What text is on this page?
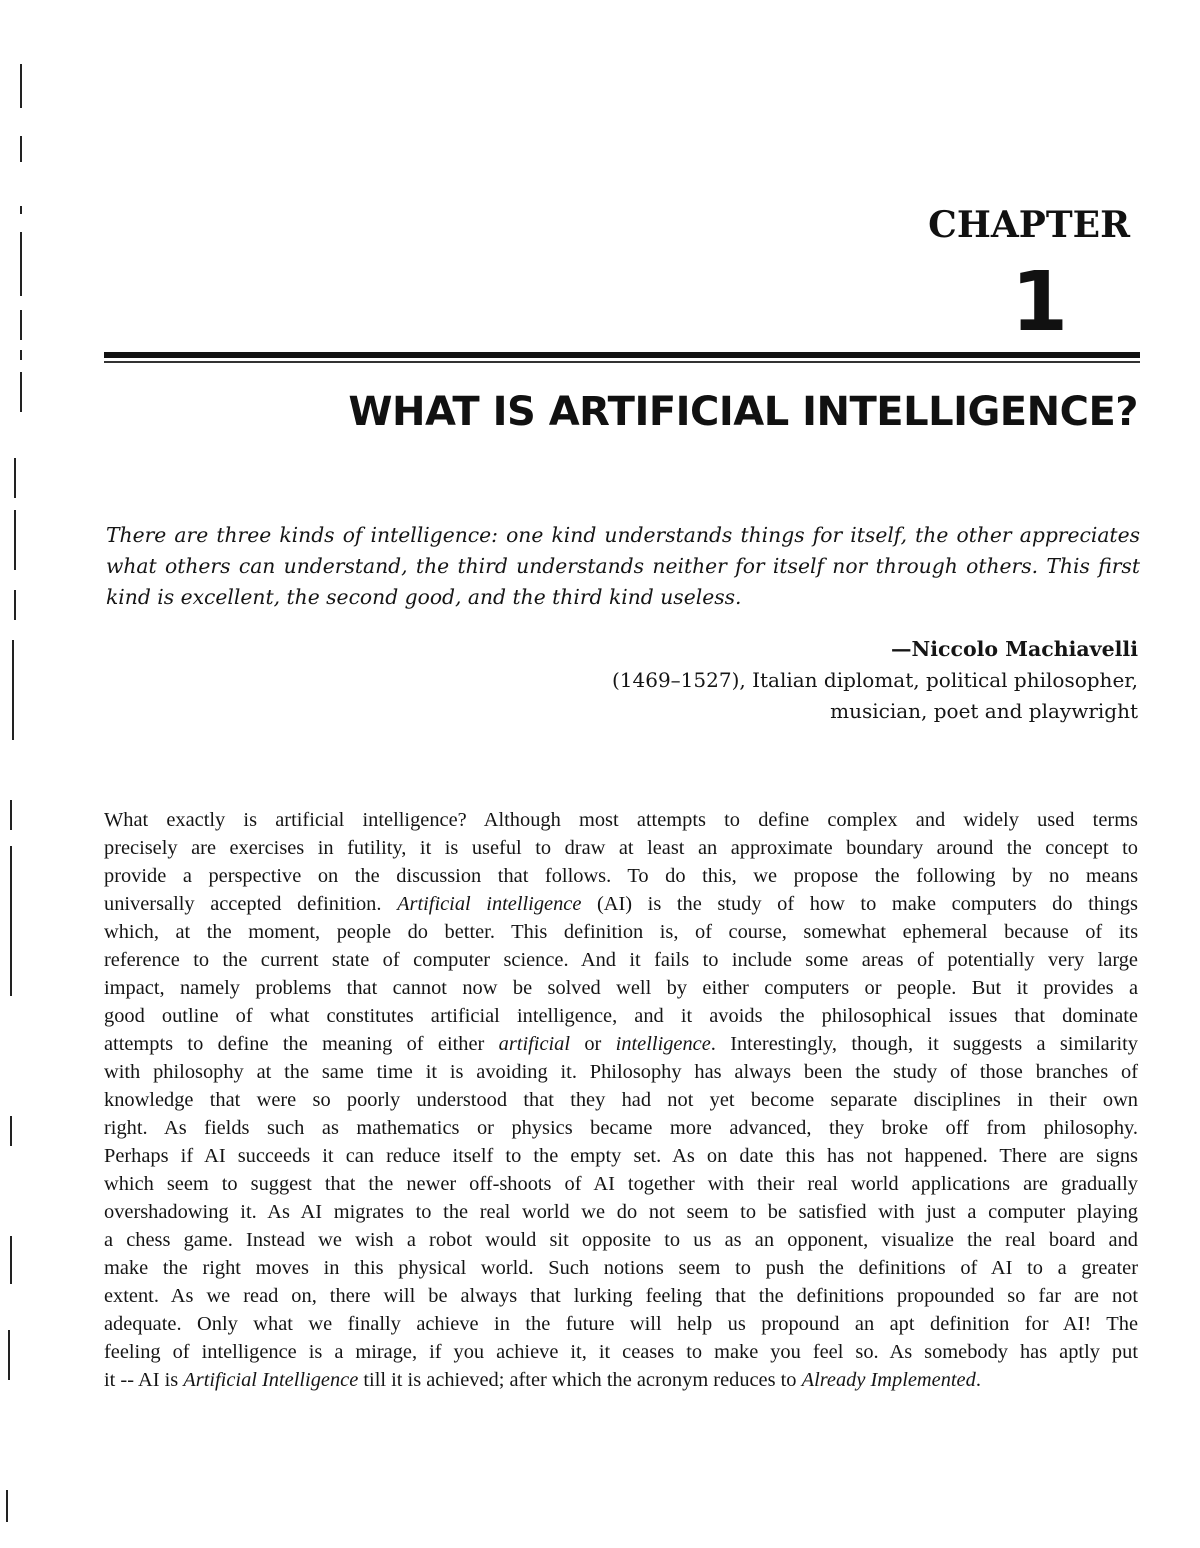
CHAPTER
1
WHAT IS ARTIFICIAL INTELLIGENCE?
There are three kinds of intelligence: one kind understands things for itself, the other appreciates what others can understand, the third understands neither for itself nor through others. This first kind is excellent, the second good, and the third kind useless.
—Niccolo Machiavelli
(1469–1527), Italian diplomat, political philosopher,
musician, poet and playwright
What exactly is artificial intelligence? Although most attempts to define complex and widely used terms
precisely are exercises in futility, it is useful to draw at least an approximate boundary around the concept to
provide a perspective on the discussion that follows. To do this, we propose the following by no means
universally accepted definition. Artificial intelligence (AI) is the study of how to make computers do things
which, at the moment, people do better. This definition is, of course, somewhat ephemeral because of its
reference to the current state of computer science. And it fails to include some areas of potentially very large
impact, namely problems that cannot now be solved well by either computers or people. But it provides a
good outline of what constitutes artificial intelligence, and it avoids the philosophical issues that dominate
attempts to define the meaning of either artificial or intelligence. Interestingly, though, it suggests a similarity
with philosophy at the same time it is avoiding it. Philosophy has always been the study of those branches of
knowledge that were so poorly understood that they had not yet become separate disciplines in their own
right. As fields such as mathematics or physics became more advanced, they broke off from philosophy.
Perhaps if AI succeeds it can reduce itself to the empty set. As on date this has not happened. There are signs
which seem to suggest that the newer off-shoots of AI together with their real world applications are gradually
overshadowing it. As AI migrates to the real world we do not seem to be satisfied with just a computer playing
a chess game. Instead we wish a robot would sit opposite to us as an opponent, visualize the real board and
make the right moves in this physical world. Such notions seem to push the definitions of AI to a greater
extent. As we read on, there will be always that lurking feeling that the definitions propounded so far are not
adequate. Only what we finally achieve in the future will help us propound an apt definition for AI! The
feeling of intelligence is a mirage, if you achieve it, it ceases to make you feel so. As somebody has aptly put
it -- AI is Artificial Intelligence till it is achieved; after which the acronym reduces to Already Implemented.
